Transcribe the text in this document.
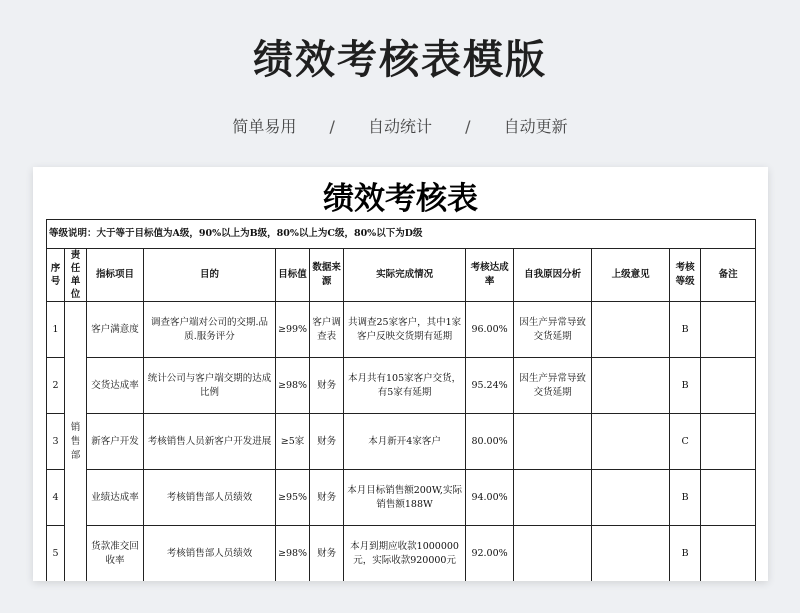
绩效考核表模版
简单易用 / 自动统计 / 自动更新
绩效考核表
等级说明：大于等于目标值为A级，90%以上为B级，80%以上为C级，80%以下为D级											

序号	责任单位	指标项目	目的	目标值	数据来源	实际完成情况	考核达成率	自我原因分析	上级意见	考核等级	备注
1	销售部	客户满意度	调查客户端对公司的交期.品质.服务评分	≥99%	客户调查表	共调查25家客户，其中1家客户反映交货期有延期	96.00%	因生产异常导致交货延期		B	
2		交货达成率	统计公司与客户端交期的达成比例	≥98%	财务	本月共有105家客户交货，有5家有延期	95.24%	因生产异常导致交货延期		B	
3		新客户开发	考核销售人员新客户开发进展	≥5家	财务	本月新开4家客户	80.00%			C	
4		业绩达成率	考核销售部人员绩效	≥95%	财务	本月目标销售额200W,实际销售额188W	94.00%			B	
5		货款准交回收率	考核销售部人员绩效	≥98%	财务	本月到期应收款1000000元，实际收款920000元	92.00%			B	
